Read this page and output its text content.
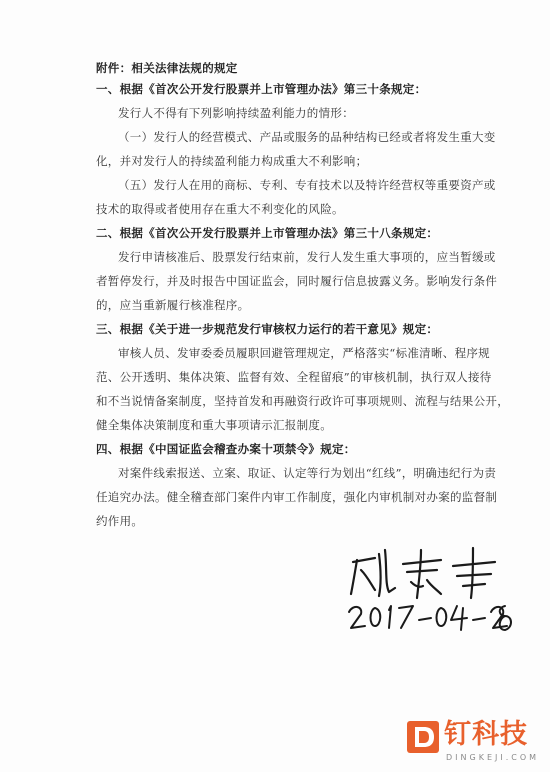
附件：相关法律法规的规定
一、根据《首次公开发行股票并上市管理办法》第三十条规定：
发行人不得有下列影响持续盈利能力的情形：
（一）发行人的经营模式、产品或服务的品种结构已经或者将发生重大变
化，并对发行人的持续盈利能力构成重大不利影响；
（五）发行人在用的商标、专利、专有技术以及特许经营权等重要资产或
技术的取得或者使用存在重大不利变化的风险。
二、根据《首次公开发行股票并上市管理办法》第三十八条规定：
发行申请核准后、股票发行结束前，发行人发生重大事项的，应当暂缓或
者暂停发行，并及时报告中国证监会，同时履行信息披露义务。影响发行条件
的，应当重新履行核准程序。
三、根据《关于进一步规范发行审核权力运行的若干意见》规定：
审核人员、发审委委员履职回避管理规定，严格落实“标准清晰、程序规
范、公开透明、集体决策、监督有效、全程留痕”的审核机制，执行双人接待
和不当说情备案制度，坚持首发和再融资行政许可事项规则、流程与结果公开，
健全集体决策制度和重大事项请示汇报制度。
四、根据《中国证监会稽查办案十项禁令》规定：
对案件线索报送、立案、取证、认定等行为划出“红线”，明确违纪行为责
任追究办法。健全稽查部门案件内审工作制度，强化内审机制对办案的监督制
约作用。
钉科技
DINGKEJI.COM
